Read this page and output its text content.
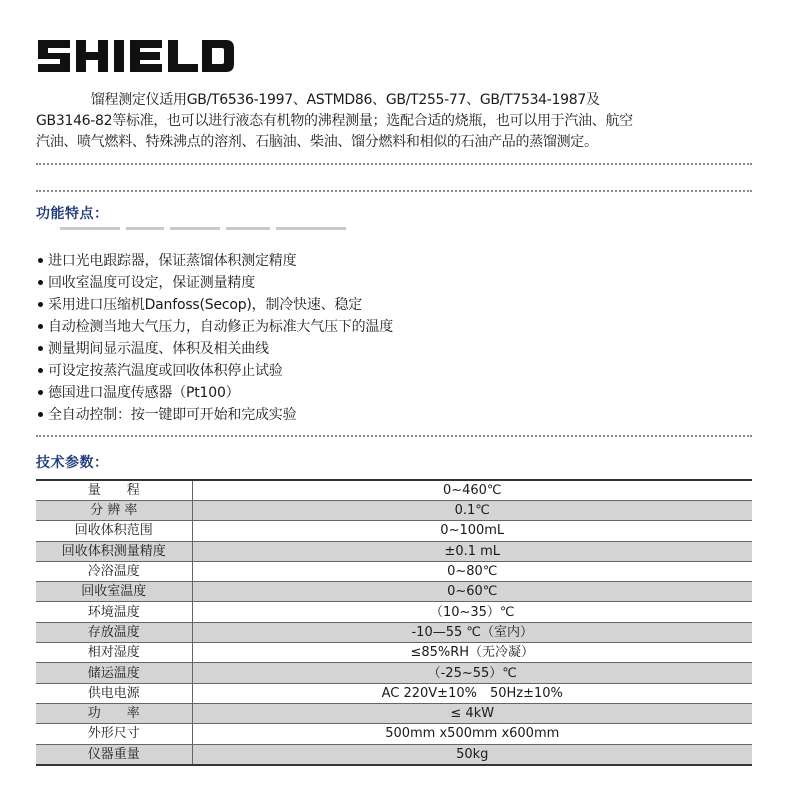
　　　　馏程测定仪适用GB/T6536-1997、ASTMD86、GB/T255-77、GB/T7534-1987及
GB3146-82等标准，也可以进行液态有机物的沸程测量；选配合适的烧瓶，也可以用于汽油、航空
汽油、喷气燃料、特殊沸点的溶剂、石脑油、柴油、馏分燃料和相似的石油产品的蒸馏测定。
功能特点：
进口光电跟踪器，保证蒸馏体积测定精度
回收室温度可设定，保证测量精度
采用进口压缩机Danfoss(Secop)，制冷快速、稳定
自动检测当地大气压力，自动修正为标准大气压下的温度
测量期间显示温度、体积及相关曲线
可设定按蒸汽温度或回收体积停止试验
德国进口温度传感器（Pt100）
全自动控制：按一键即可开始和完成实验
技术参数：
量　　程	0~460℃
分 辨 率	0.1℃
回收体积范围	0~100mL
回收体积测量精度	±0.1 mL
冷浴温度	0~80℃
回收室温度	0~60℃
环境温度	（10~35）℃
存放温度	-10—55 ℃（室内）
相对湿度	≤85%RH（无冷凝）
储运温度	（-25~55）℃
供电电源	AC 220V±10%　50Hz±10%
功　　率	≤ 4kW
外形尺寸	500mm x500mm x600mm
仪器重量	50kg
